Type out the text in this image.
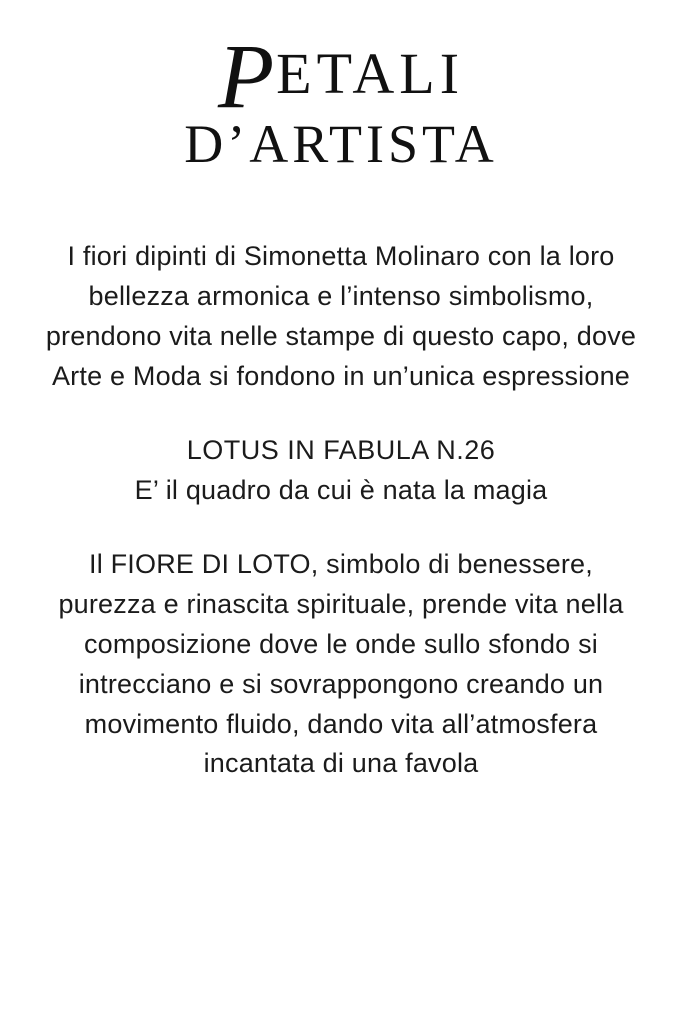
PETALI
D’ARTISTA

I fiori dipinti di Simonetta Molinaro con la loro bellezza armonica e l’intenso simbolismo, prendono vita nelle stampe di questo capo, dove Arte e Moda si fondono in un’unica espressione

LOTUS IN FABULA N.26

E’ il quadro da cui è nata la magia

Il FIORE DI LOTO, simbolo di benessere, purezza e rinascita spirituale, prende vita nella composizione dove le onde sullo sfondo si intrecciano e si sovrappongono creando un movimento fluido, dando vita all’atmosfera incantata di una favola
